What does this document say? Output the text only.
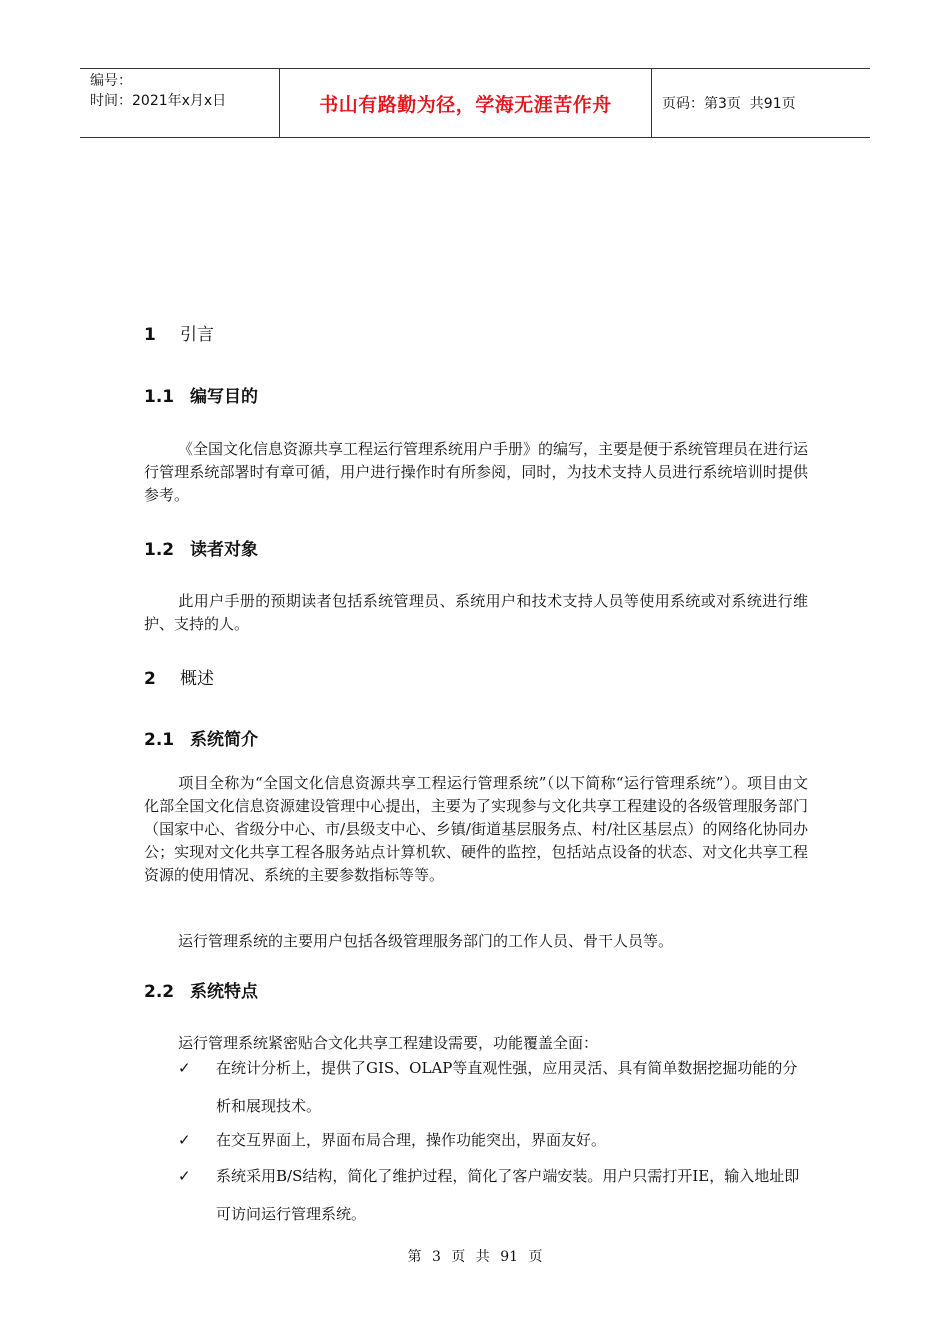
编号：
时间：2021年x月x日	书山有路勤为径，学海无涯苦作舟	页码：第3页  共91页
1 引言
1.1 编写目的
《全国文化信息资源共享工程运行管理系统用户手册》的编写，主要是便于系统管理员在进行运行管理系统部署时有章可循，用户进行操作时有所参阅，同时，为技术支持人员进行系统培训时提供参考。
1.2 读者对象
此用户手册的预期读者包括系统管理员、系统用户和技术支持人员等使用系统或对系统进行维护、支持的人。
2 概述
2.1 系统简介
项目全称为“全国文化信息资源共享工程运行管理系统”（以下简称“运行管理系统”）。项目由文化部全国文化信息资源建设管理中心提出，主要为了实现参与文化共享工程建设的各级管理服务部门（国家中心、省级分中心、市/县级支中心、乡镇/街道基层服务点、村/社区基层点）的网络化协同办公；实现对文化共享工程各服务站点计算机软、硬件的监控，包括站点设备的状态、对文化共享工程资源的使用情况、系统的主要参数指标等等。
运行管理系统的主要用户包括各级管理服务部门的工作人员、骨干人员等。
2.2 系统特点
运行管理系统紧密贴合文化共享工程建设需要，功能覆盖全面：
✓	在统计分析上，提供了GIS、OLAP等直观性强，应用灵活、具有简单数据挖掘功能的分析和展现技术。
✓	在交互界面上，界面布局合理，操作功能突出，界面友好。
✓	系统采用B/S结构，简化了维护过程，简化了客户端安装。用户只需打开IE，输入地址即可访问运行管理系统。
第 3 页 共 91 页
